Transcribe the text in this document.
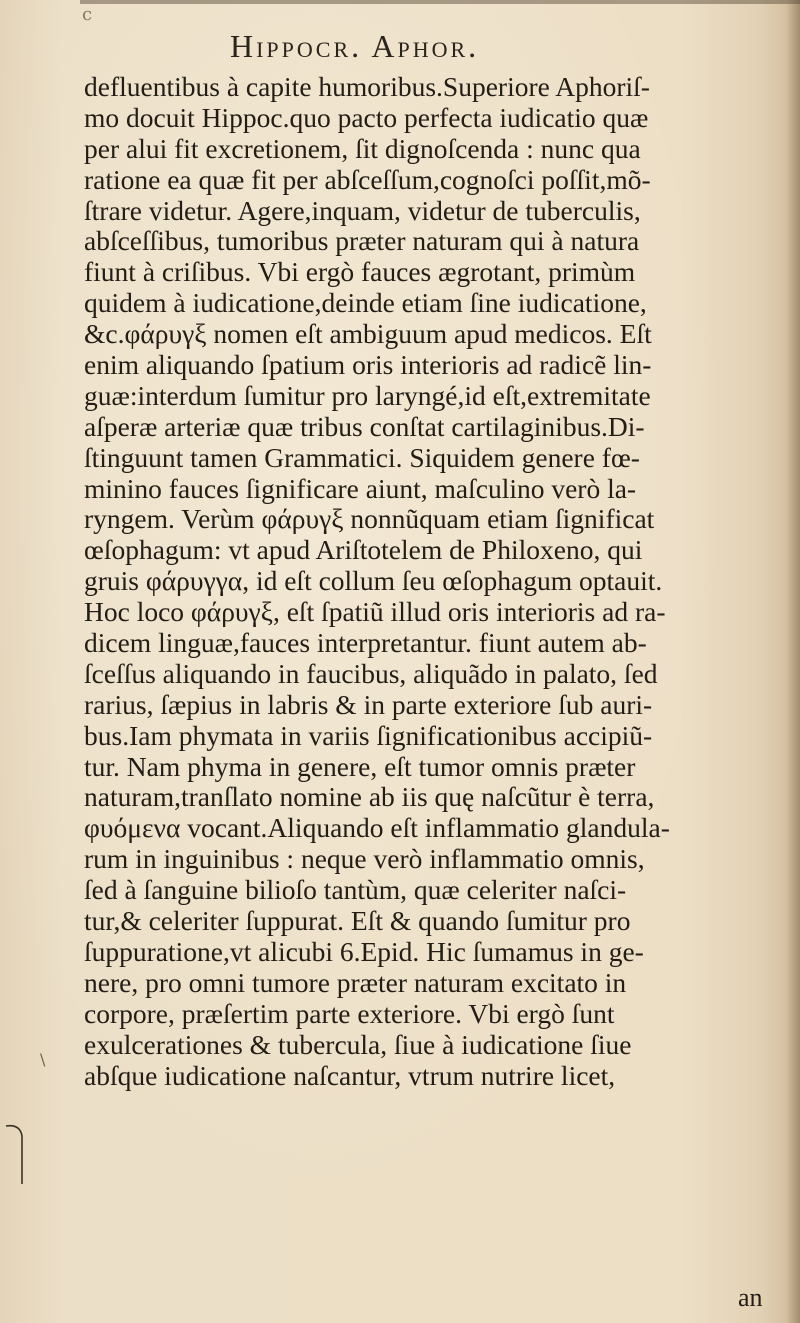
c
Hippocr. Aphor.
defluentibus à capite humoribus.Superiore Aphoriſ-
mo docuit Hippoc.quo pacto perfecta iudicatio quæ
per alui fit excretionem, ſit dignoſcenda : nunc qua
ratione ea quæ fit per abſceſſum,cognoſci poſſit,mõ-
ſtrare videtur. Agere,inquam, videtur de tuberculis,
abſceſſibus, tumoribus præter naturam qui à natura
fiunt à criſibus. Vbi ergò fauces ægrotant, primùm
quidem à iudicatione,deinde etiam ſine iudicatione,
&c.φάρυγξ nomen eſt ambiguum apud medicos. Eſt
enim aliquando ſpatium oris interioris ad radicẽ lin-
guæ:interdum ſumitur pro laryngé,id eſt,extremitate
aſperæ arteriæ quæ tribus conſtat cartilaginibus.Di-
ſtinguunt tamen Grammatici. Siquidem genere fœ-
minino fauces ſignificare aiunt, maſculino verò la-
ryngem. Verùm φάρυγξ nonnũquam etiam ſignificat
œſophagum: vt apud Ariſtotelem de Philoxeno, qui
gruis φάρυγγα, id eſt collum ſeu œſophagum optauit.
Hoc loco φάρυγξ, eſt ſpatiũ illud oris interioris ad ra-
dicem linguæ,fauces interpretantur. fiunt autem ab-
ſceſſus aliquando in faucibus, aliquãdo in palato, ſed
rarius, ſæpius in labris & in parte exteriore ſub auri-
bus.Iam phymata in variis ſignificationibus accipiũ-
tur. Nam phyma in genere, eſt tumor omnis præter
naturam,tranſlato nomine ab iis quę naſcũtur è terra,
φυόμενα vocant.Aliquando eſt inflammatio glandula-
rum in inguinibus : neque verò inflammatio omnis,
ſed à ſanguine bilioſo tantùm, quæ celeriter naſci-
tur,& celeriter ſuppurat. Eſt & quando ſumitur pro
ſuppuratione,vt alicubi 6.Epid. Hic ſumamus in ge-
nere, pro omni tumore præter naturam excitato in
corpore, præſertim parte exteriore. Vbi ergò ſunt
exulcerationes & tubercula, ſiue à iudicatione ſiue
abſque iudicatione naſcantur, vtrum nutrire licet,
\
an
